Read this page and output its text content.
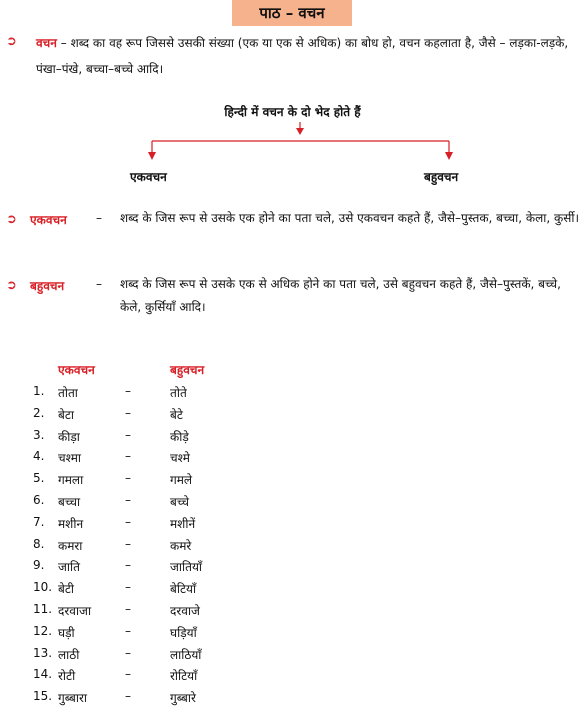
पाठ – वचन
➲ वचन – शब्द का वह रूप जिससे उसकी संख्या (एक या एक से अधिक) का बोध हो, वचन कहलाता है, जैसे – लड़का-लड़के, पंखा–पंखे, बच्चा–बच्चे आदि।
हिन्दी में वचन के दो भेद होते हैं
एकवचन	बहुवचन
➲ एकवचन – शब्द के जिस रूप से उसके एक होने का पता चले, उसे एकवचन कहते हैं, जैसे–पुस्तक, बच्चा, केला, कुर्सी।
➲ बहुवचन	– शब्द के जिस रूप से उसके एक से अधिक होने का पता चले, उसे बहुवचन कहते हैं, जैसे–पुस्तकें, बच्चे, केले, कुर्सियाँ आदि।
एकवचन	बहुवचन
1. तोता	–	तोते
2. बेटा	–	बेटे
3. कीड़ा	–	कीड़े
4. चश्मा	–	चश्मे
5. गमला	–	गमले
6. बच्चा	–	बच्चे
7. मशीन	–	मशीनें
8. कमरा	–	कमरे
9. जाति	–	जातियाँ
10. बेटी	–	बेटियाँ
11. दरवाजा	–	दरवाजे
12. घड़ी	–	घड़ियाँ
13. लाठी	–	लाठियाँ
14. रोटी	–	रोटियाँ
15. गुब्बारा	–	गुब्बारे
